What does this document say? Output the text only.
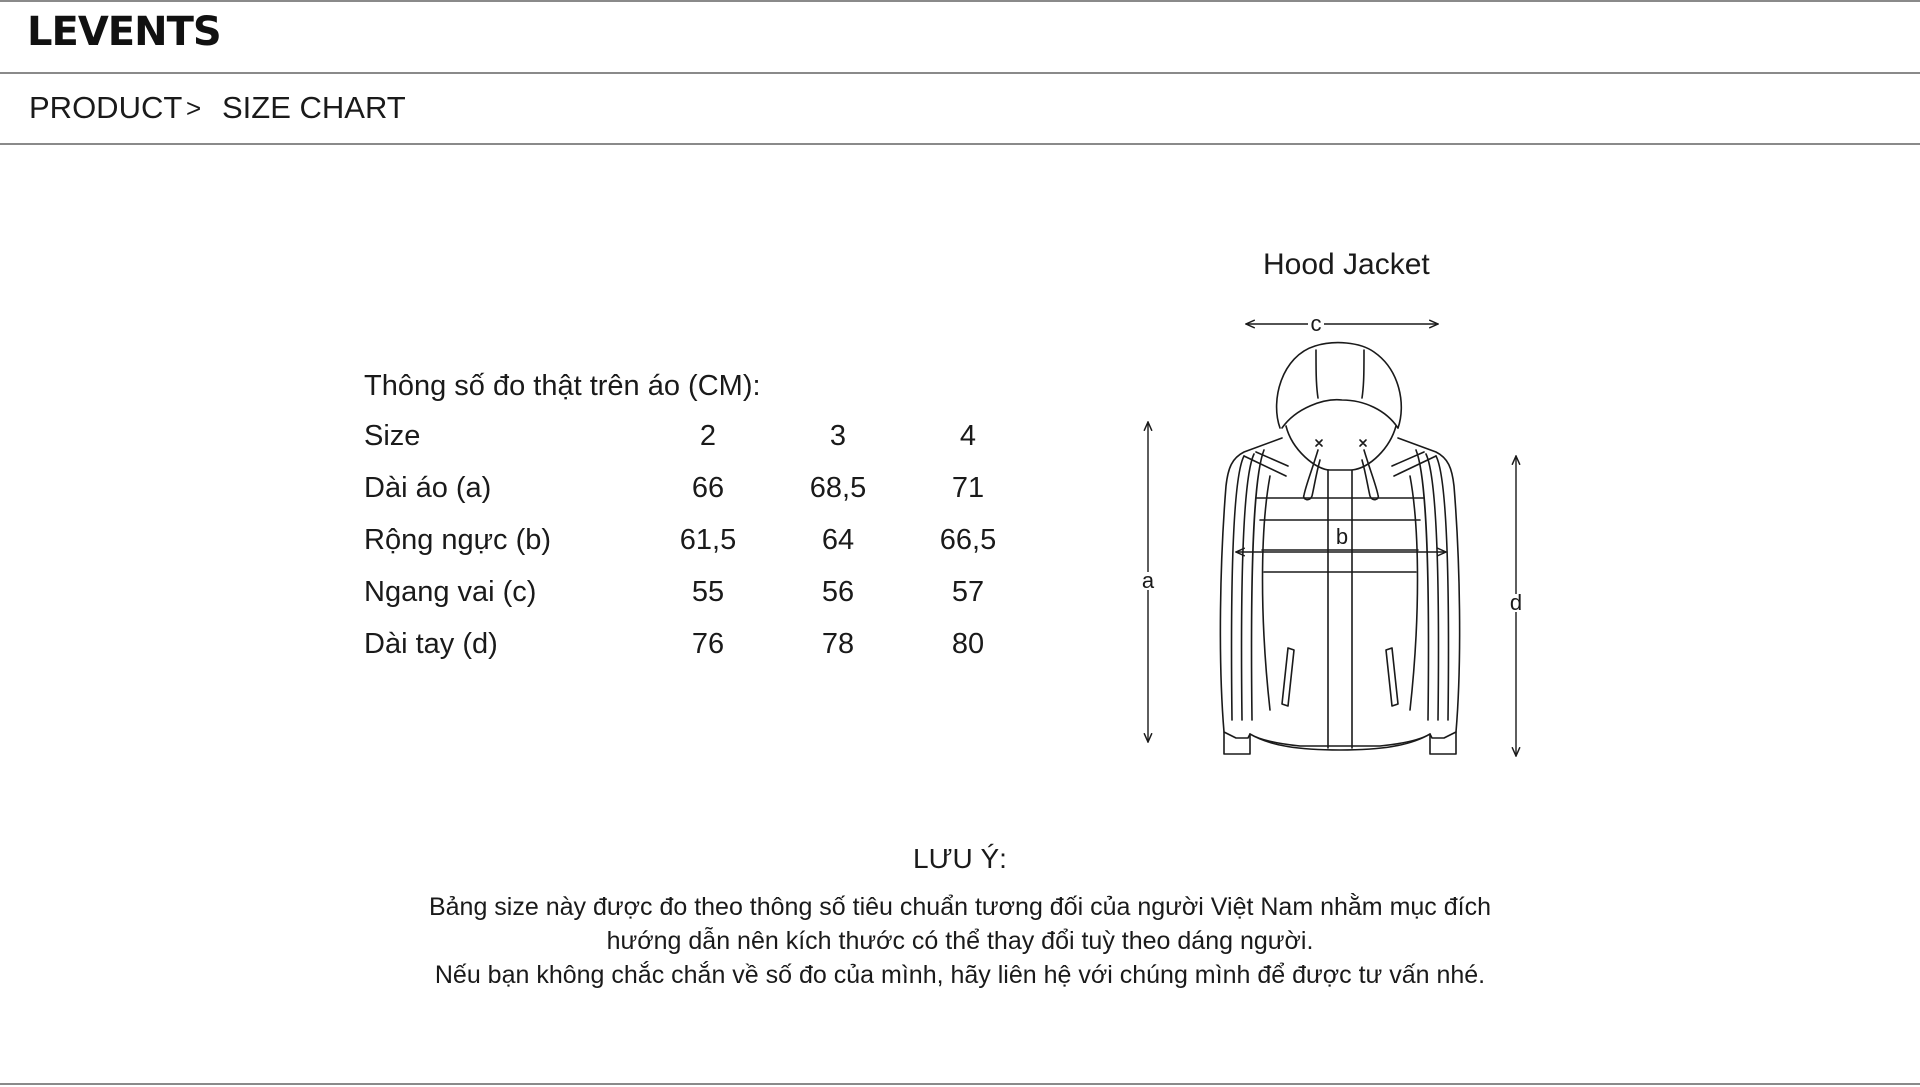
LEVENTS
PRODUCT > SIZE CHART
Thông số đo thật trên áo (CM):
Size	2	3	4
Dài áo (a)	66	68,5	71
Rộng ngực (b)	61,5	64	66,5
Ngang vai (c)	55	56	57
Dài tay (d)	76	78	80
Hood Jacket
c
b
a
d
LƯU Ý:
Bảng size này được đo theo thông số tiêu chuẩn tương đối của người Việt Nam nhằm mục đích
hướng dẫn nên kích thước có thể thay đổi tuỳ theo dáng người.
Nếu bạn không chắc chắn về số đo của mình, hãy liên hệ với chúng mình để được tư vấn nhé.
